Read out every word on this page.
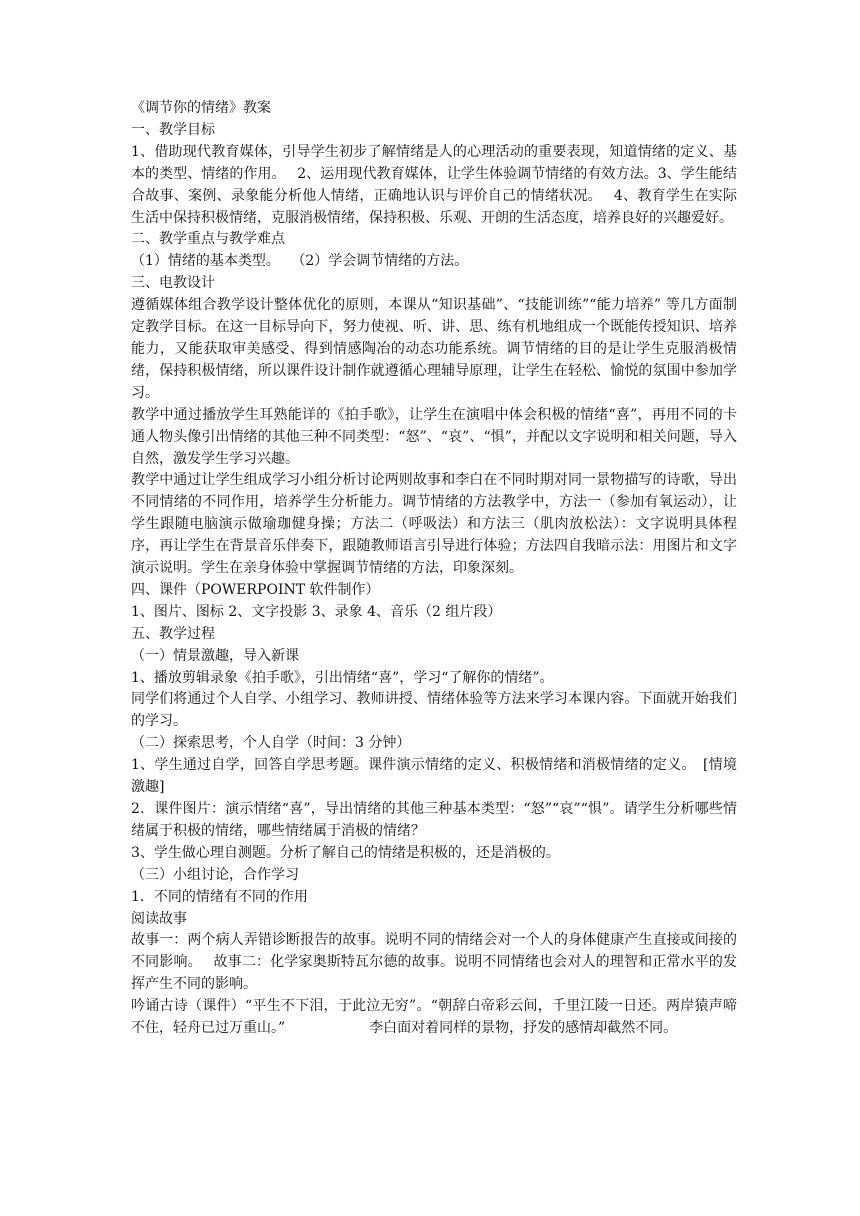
《调节你的情绪》教案

一、教学目标

1、借助现代教育媒体，引导学生初步了解情绪是人的心理活动的重要表现，知道情绪的定义、基本的类型、情绪的作用。　 2、运用现代教育媒体，让学生体验调节情绪的有效方法。3、学生能结合故事、案例、录象能分析他人情绪，正确地认识与评价自己的情绪状况。　 4、教育学生在实际生活中保持积极情绪，克服消极情绪，保持积极、乐观、开朗的生活态度，培养良好的兴趣爱好。

二、教学重点与教学难点

（1）情绪的基本类型。　 （2）学会调节情绪的方法。

三、电教设计

遵循媒体组合教学设计整体优化的原则，本课从“知识基础”、“技能训练”“能力培养” 等几方面制定教学目标。在这一目标导向下，努力使视、听、讲、思、练有机地组成一个既能传授知识、培养能力，又能获取审美感受、得到情感陶冶的动态功能系统。调节情绪的目的是让学生克服消极情绪，保持积极情绪，所以课件设计制作就遵循心理辅导原理，让学生在轻松、愉悦的氛围中参加学习。

教学中通过播放学生耳熟能详的《拍手歌》，让学生在演唱中体会积极的情绪“喜”，再用不同的卡通人物头像引出情绪的其他三种不同类型：“怒”、“哀”、“惧”，并配以文字说明和相关问题，导入自然，激发学生学习兴趣。

教学中通过让学生组成学习小组分析讨论两则故事和李白在不同时期对同一景物描写的诗歌，导出不同情绪的不同作用，培养学生分析能力。调节情绪的方法教学中，方法一（参加有氧运动），让学生跟随电脑演示做瑜珈健身操；方法二（呼吸法）和方法三（肌肉放松法）：文字说明具体程序，再让学生在背景音乐伴奏下，跟随教师语言引导进行体验；方法四自我暗示法：用图片和文字演示说明。学生在亲身体验中掌握调节情绪的方法，印象深刻。

四、课件（POWERPOINT 软件制作）

1、图片、图标 2、文字投影 3、录象 4、音乐（2 组片段）

五、教学过程

（一）情景激趣，导入新课

1、播放剪辑录象《拍手歌》，引出情绪“喜”，学习“了解你的情绪”。

同学们将通过个人自学、小组学习、教师讲授、情绪体验等方法来学习本课内容。下面就开始我们的学习。

（二）探索思考，个人自学（时间：3 分钟）

1、学生通过自学，回答自学思考题。课件演示情绪的定义、积极情绪和消极情绪的定义。　[情境激趣]

2．课件图片：演示情绪“喜”，导出情绪的其他三种基本类型：“怒”“哀”“惧”。请学生分析哪些情绪属于积极的情绪，哪些情绪属于消极的情绪？

3、学生做心理自测题。分析了解自己的情绪是积极的，还是消极的。

（三）小组讨论，合作学习

1．不同的情绪有不同的作用

阅读故事

故事一：两个病人弄错诊断报告的故事。说明不同的情绪会对一个人的身体健康产生直接或间接的不同影响。　 故事二：化学家奥斯特瓦尔德的故事。说明不同情绪也会对人的理智和正常水平的发挥产生不同的影响。

吟诵古诗（课件）“平生不下泪，于此泣无穷”。“朝辞白帝彩云间，千里江陵一日还。两岸猿声啼不住，轻舟已过万重山。”　　　　　　李白面对着同样的景物，抒发的感情却截然不同。
